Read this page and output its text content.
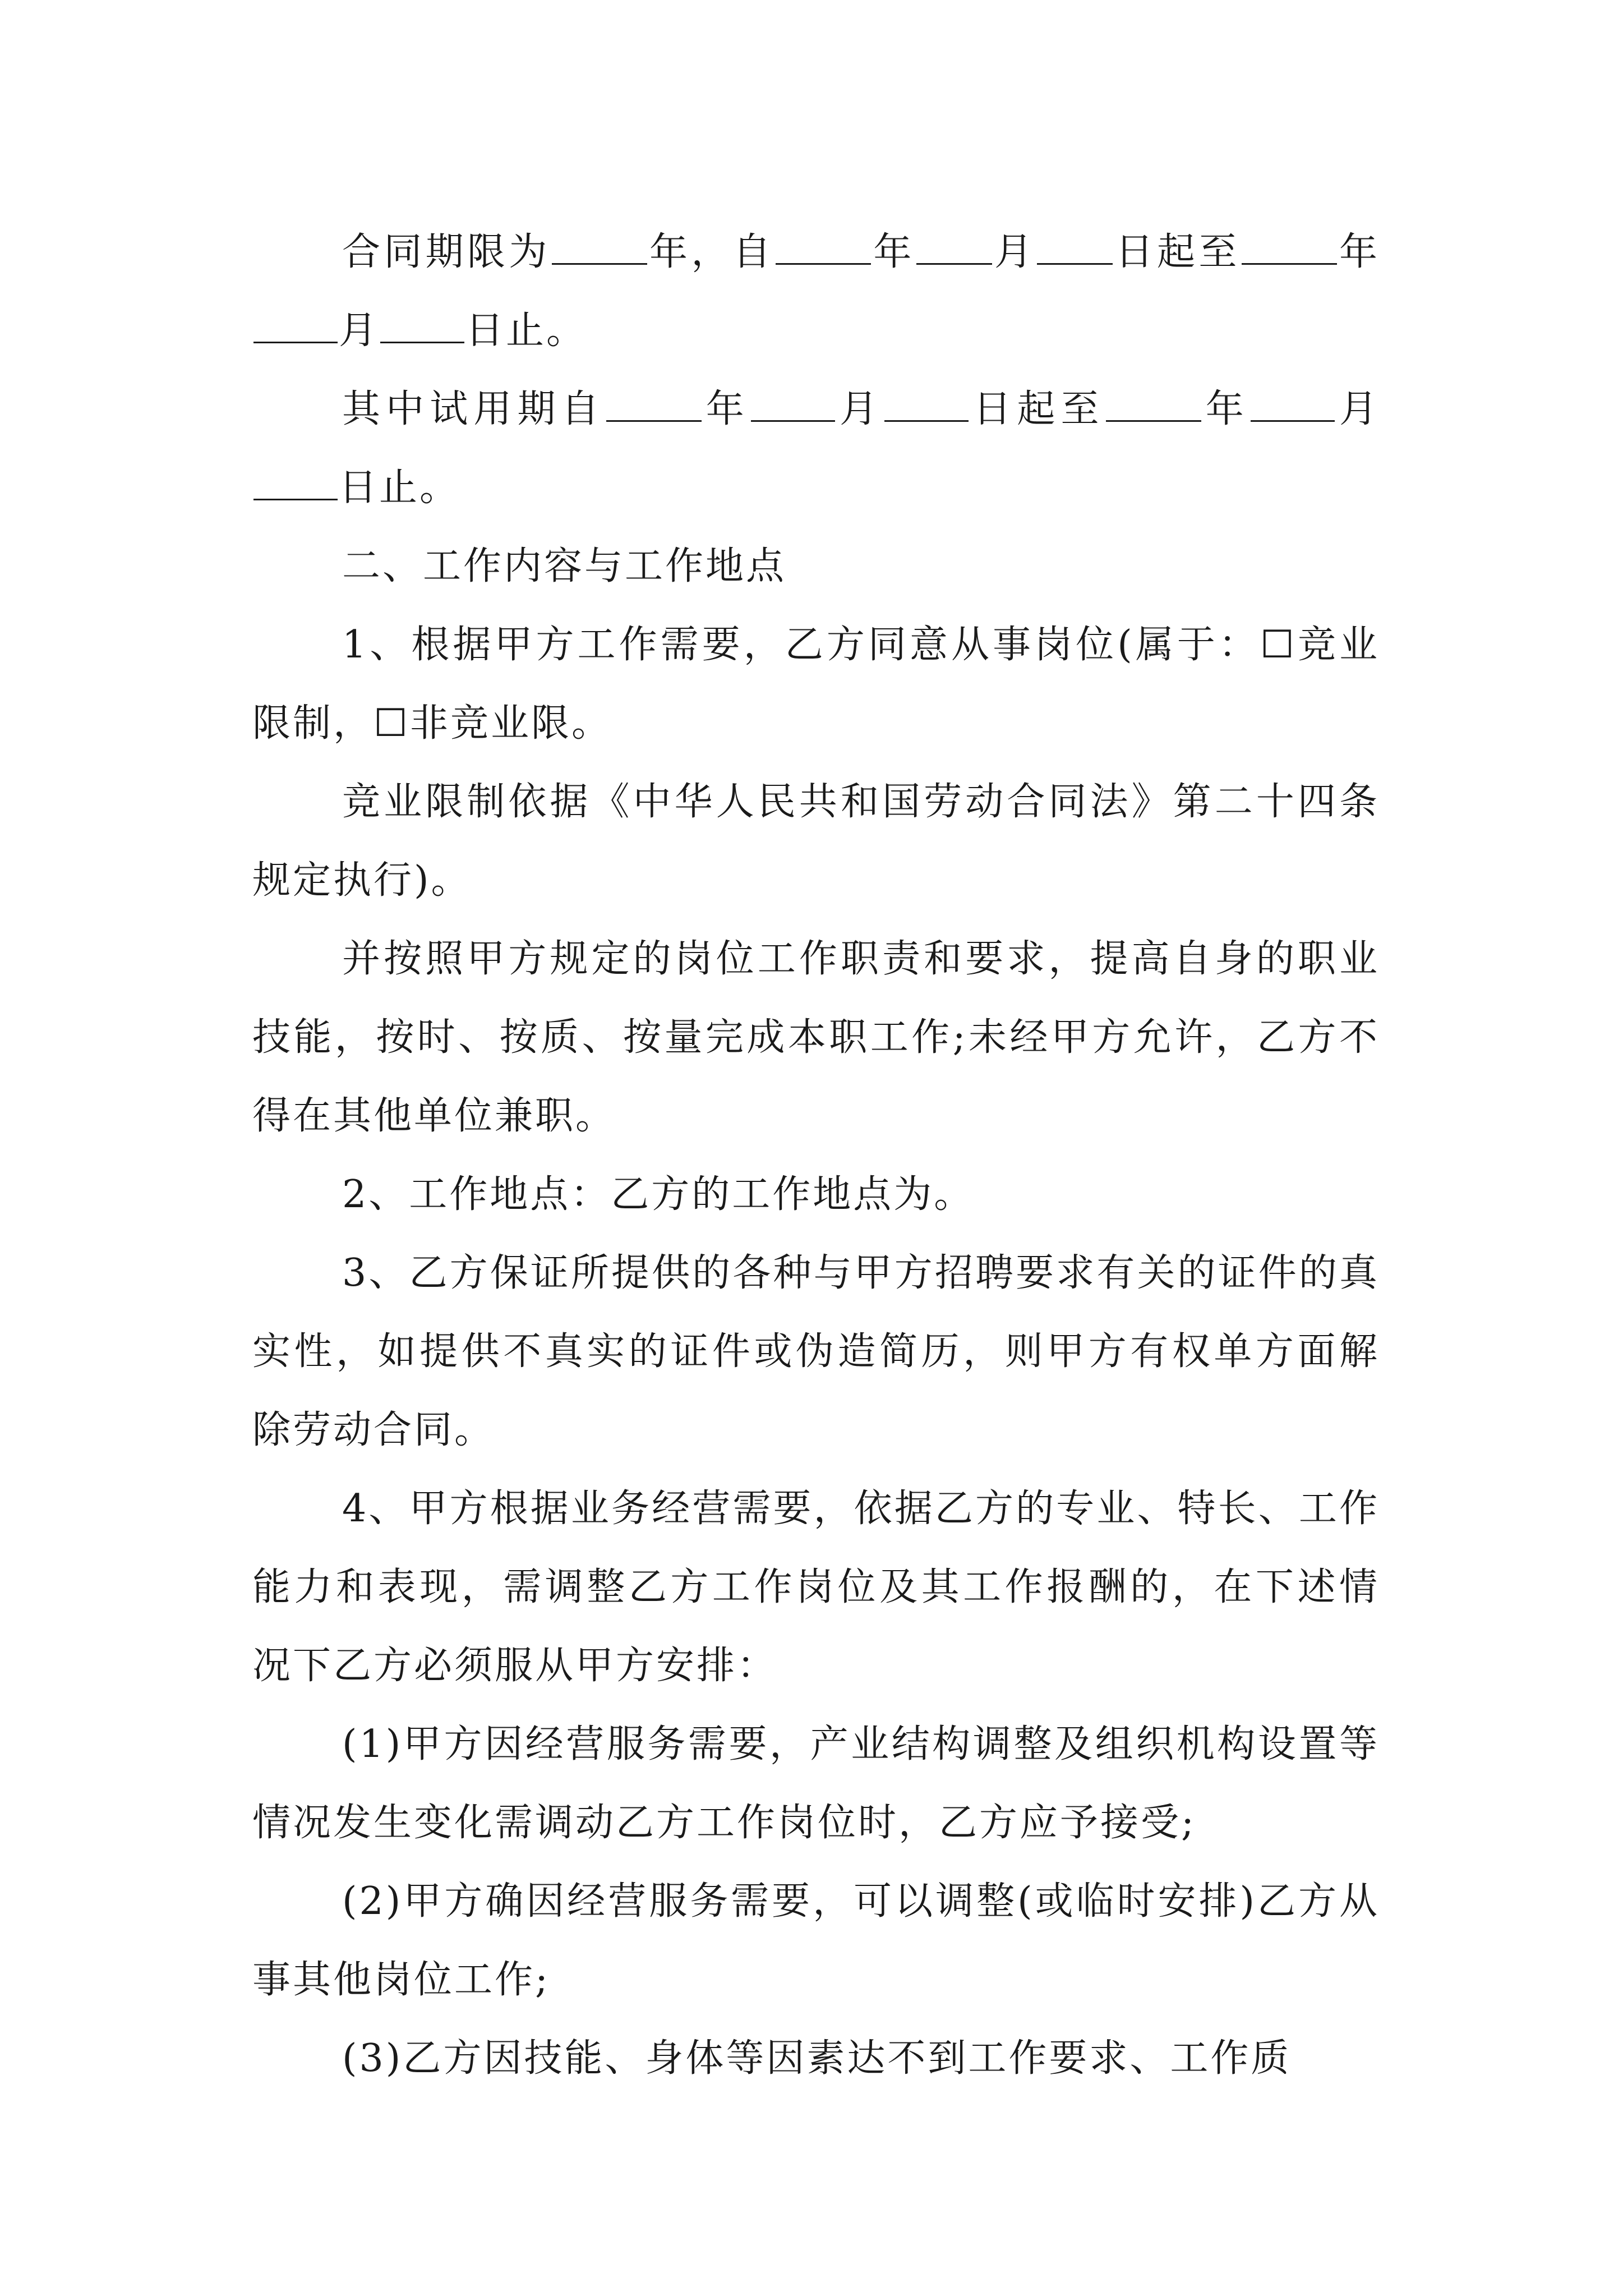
合同期限为	年，自	年 月 日起至	年月 日止。

其中试用期自	年 月 日起至	年 月日止。

二、工作内容与工作地点

1、根据甲方工作需要，乙方同意从事岗位(属于：☐竞业限制，☐非竞业限。

竞业限制依据《中华人民共和国劳动合同法》第二十四条规定执行)。

并按照甲方规定的岗位工作职责和要求，提高自身的职业技能，按时、按质、按量完成本职工作;未经甲方允许，乙方不得在其他单位兼职。

2、工作地点：乙方的工作地点为。

3、乙方保证所提供的各种与甲方招聘要求有关的证件的真实性，如提供不真实的证件或伪造简历，则甲方有权单方面解除劳动合同。

4、甲方根据业务经营需要，依据乙方的专业、特长、工作能力和表现，需调整乙方工作岗位及其工作报酬的，在下述情况下乙方必须服从甲方安排：

(1)甲方因经营服务需要，产业结构调整及组织机构设置等情况发生变化需调动乙方工作岗位时，乙方应予接受;

(2)甲方确因经营服务需要，可以调整(或临时安排)乙方从事其他岗位工作;

(3)乙方因技能、身体等因素达不到工作要求、工作质
